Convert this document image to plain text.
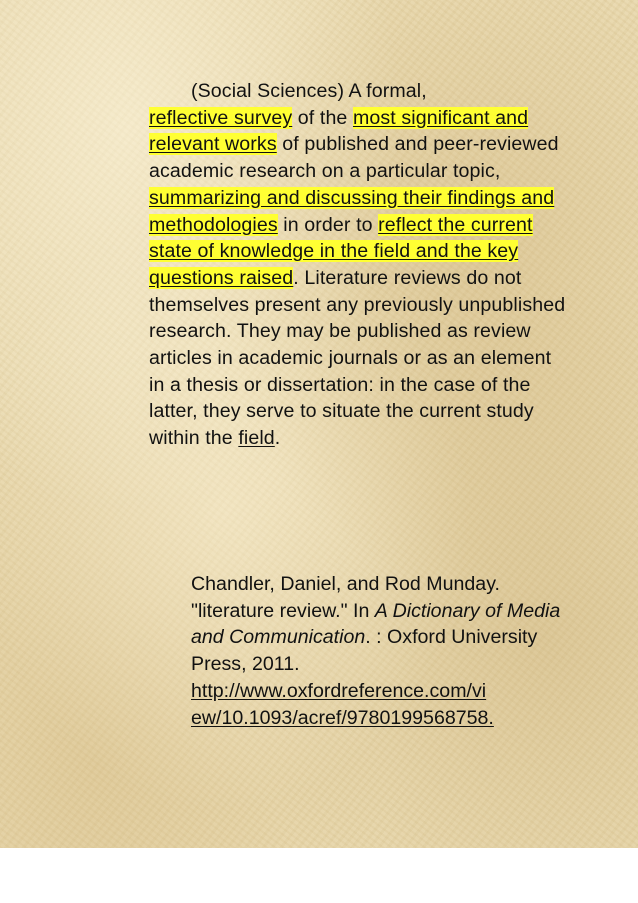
(Social Sciences) A formal,
reflective survey of the most significant and relevant works of published and peer-reviewed academic research on a particular topic, summarizing and discussing their findings and methodologies in order to reflect the current state of knowledge in the field and the key questions raised. Literature reviews do not themselves present any previously unpublished research. They may be published as review articles in academic journals or as an element in a thesis or dissertation: in the case of the latter, they serve to situate the current study within the field.
Chandler, Daniel, and Rod Munday. "literature review." In A Dictionary of Media and Communication. : Oxford University Press, 2011.
http://www.oxfordreference.com/vi
ew/10.1093/acref/9780199568758.
